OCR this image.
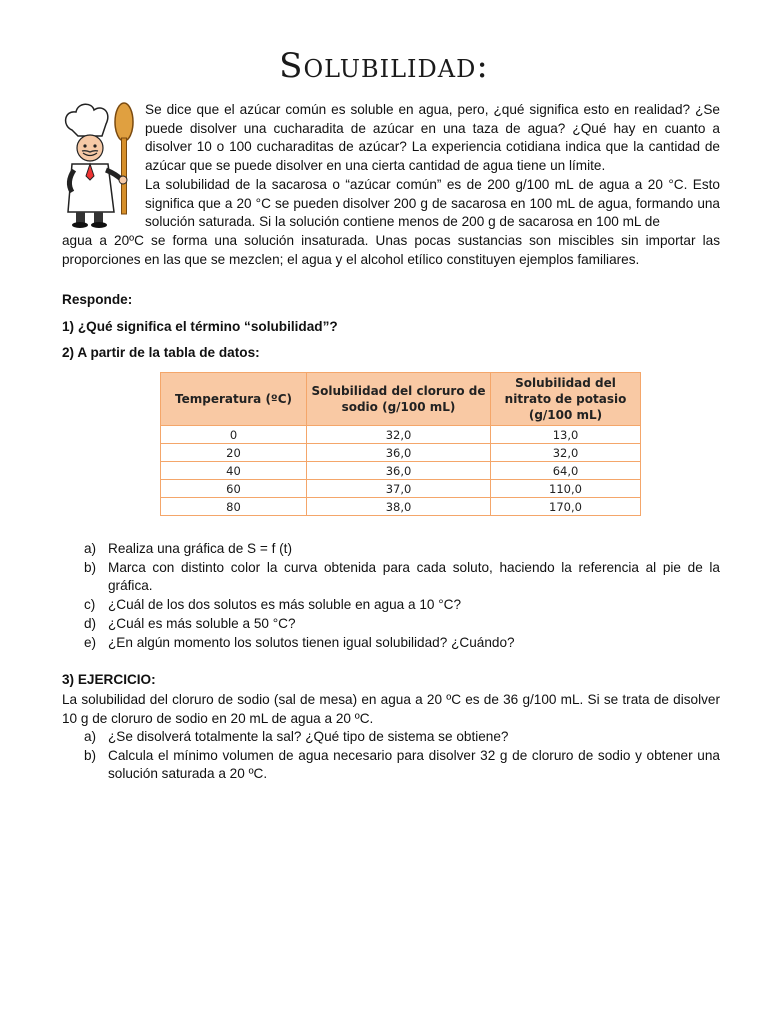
Solubilidad:
Se dice que el azúcar común es soluble en agua, pero, ¿qué significa esto en realidad? ¿Se puede disolver una cucharadita de azúcar en una taza de agua? ¿Qué hay en cuanto a disolver 10 o 100 cucharaditas de azúcar? La experiencia cotidiana indica que la cantidad de azúcar que se puede disolver en una cierta cantidad de agua tiene un límite.
La solubilidad de la sacarosa o “azúcar común” es de 200 g/100 mL de agua a 20 °C. Esto significa que a 20 °C se pueden disolver 200 g de sacarosa en 100 mL de agua, formando una solución saturada. Si la solución contiene menos de 200 g de sacarosa en 100 mL de
agua a 20ºC se forma una solución insaturada. Unas pocas sustancias son miscibles sin importar las proporciones en las que se mezclen; el agua y el alcohol etílico constituyen ejemplos familiares.
Responde:
1) ¿Qué significa el término “solubilidad”?
2) A partir de la tabla de datos:
Temperatura (ºC)	Solubilidad del cloruro de sodio (g/100 mL)	Solubilidad del nitrato de potasio (g/100 mL)
0	32,0	13,0
20	36,0	32,0
40	36,0	64,0
60	37,0	110,0
80	38,0	170,0
a) Realiza una gráfica de S = f (t)
b) Marca con distinto color la curva obtenida para cada soluto, haciendo la referencia al pie de la gráfica.
c) ¿Cuál de los dos solutos es más soluble en agua a 10 °C?
d) ¿Cuál es más soluble a 50 °C?
e) ¿En algún momento los solutos tienen igual solubilidad? ¿Cuándo?
3) EJERCICIO:
La solubilidad del cloruro de sodio (sal de mesa) en agua a 20 ºC es de 36 g/100 mL. Si se trata de disolver 10 g de cloruro de sodio en 20 mL de agua a 20 ºC.
a) ¿Se disolverá totalmente la sal? ¿Qué tipo de sistema se obtiene?
b) Calcula el mínimo volumen de agua necesario para disolver 32 g de cloruro de sodio y obtener una solución saturada a 20 ºC.
